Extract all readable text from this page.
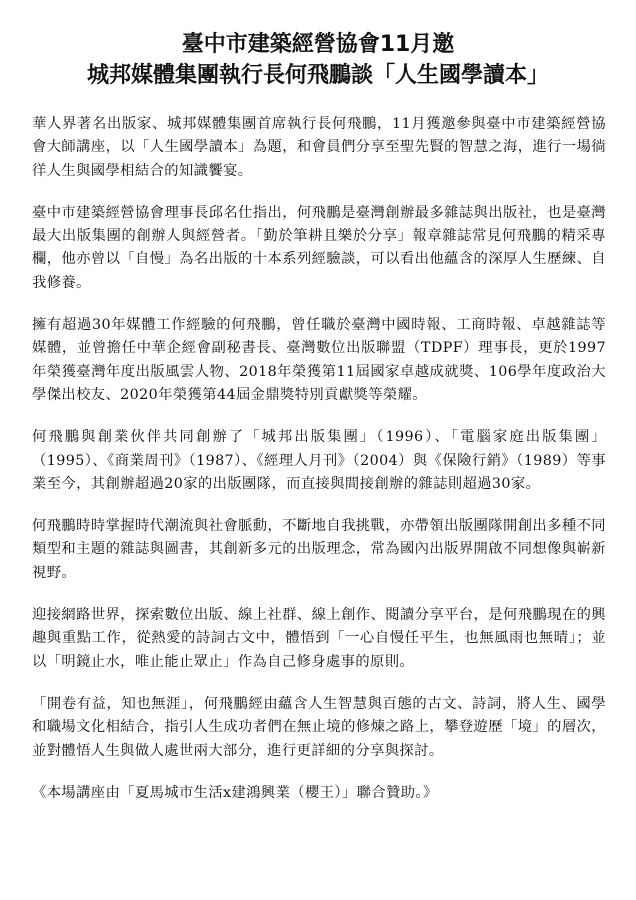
臺中市建築經營協會11月邀
城邦媒體集團執行長何飛鵬談「人生國學讀本」

華人界著名出版家、城邦媒體集團首席執行長何飛鵬，11月獲邀參與臺中市建築經營協會大師講座，以「人生國學讀本」為題，和會員們分享至聖先賢的智慧之海，進行一場徜徉人生與國學相結合的知識饗宴。

臺中市建築經營協會理事長邱名仕指出，何飛鵬是臺灣創辦最多雜誌與出版社，也是臺灣最大出版集團的創辦人與經營者。「勤於筆耕且樂於分享」報章雜誌常見何飛鵬的精采專欄，他亦曾以「自慢」為名出版的十本系列經驗談，可以看出他蘊含的深厚人生歷練、自我修養。

擁有超過30年媒體工作經驗的何飛鵬，曾任職於臺灣中國時報、工商時報、卓越雜誌等媒體，並曾擔任中華企經會副秘書長、臺灣數位出版聯盟（TDPF）理事長，更於1997年榮獲臺灣年度出版風雲人物、2018年榮獲第11屆國家卓越成就獎、106學年度政治大學傑出校友、2020年榮獲第44屆金鼎獎特別貢獻獎等榮耀。

何飛鵬與創業伙伴共同創辦了「城邦出版集團」（1996）、「電腦家庭出版集團」（1995）、《商業周刊》（1987）、《經理人月刊》（2004）與《保險行銷》（1989）等事業至今，其創辦超過20家的出版團隊，而直接與間接創辦的雜誌則超過30家。

何飛鵬時時掌握時代潮流與社會脈動，不斷地自我挑戰，亦帶領出版團隊開創出多種不同類型和主題的雜誌與圖書，其創新多元的出版理念，常為國內出版界開啟不同想像與嶄新視野。

迎接網路世界，探索數位出版、線上社群、線上創作、閱讀分享平台，是何飛鵬現在的興趣與重點工作，從熱愛的詩詞古文中，體悟到「一心自慢任平生，也無風雨也無晴」；並以「明鏡止水，唯止能止眾止」作為自己修身處事的原則。

「開卷有益，知也無涯」，何飛鵬經由蘊含人生智慧與百態的古文、詩詞，將人生、國學和職場文化相結合，指引人生成功者們在無止境的修煉之路上，攀登遊歷「境」的層次，並對體悟人生與做人處世兩大部分，進行更詳細的分享與探討。

《本場講座由「夏馬城市生活x建鴻興業（櫻王）」聯合贊助。》
